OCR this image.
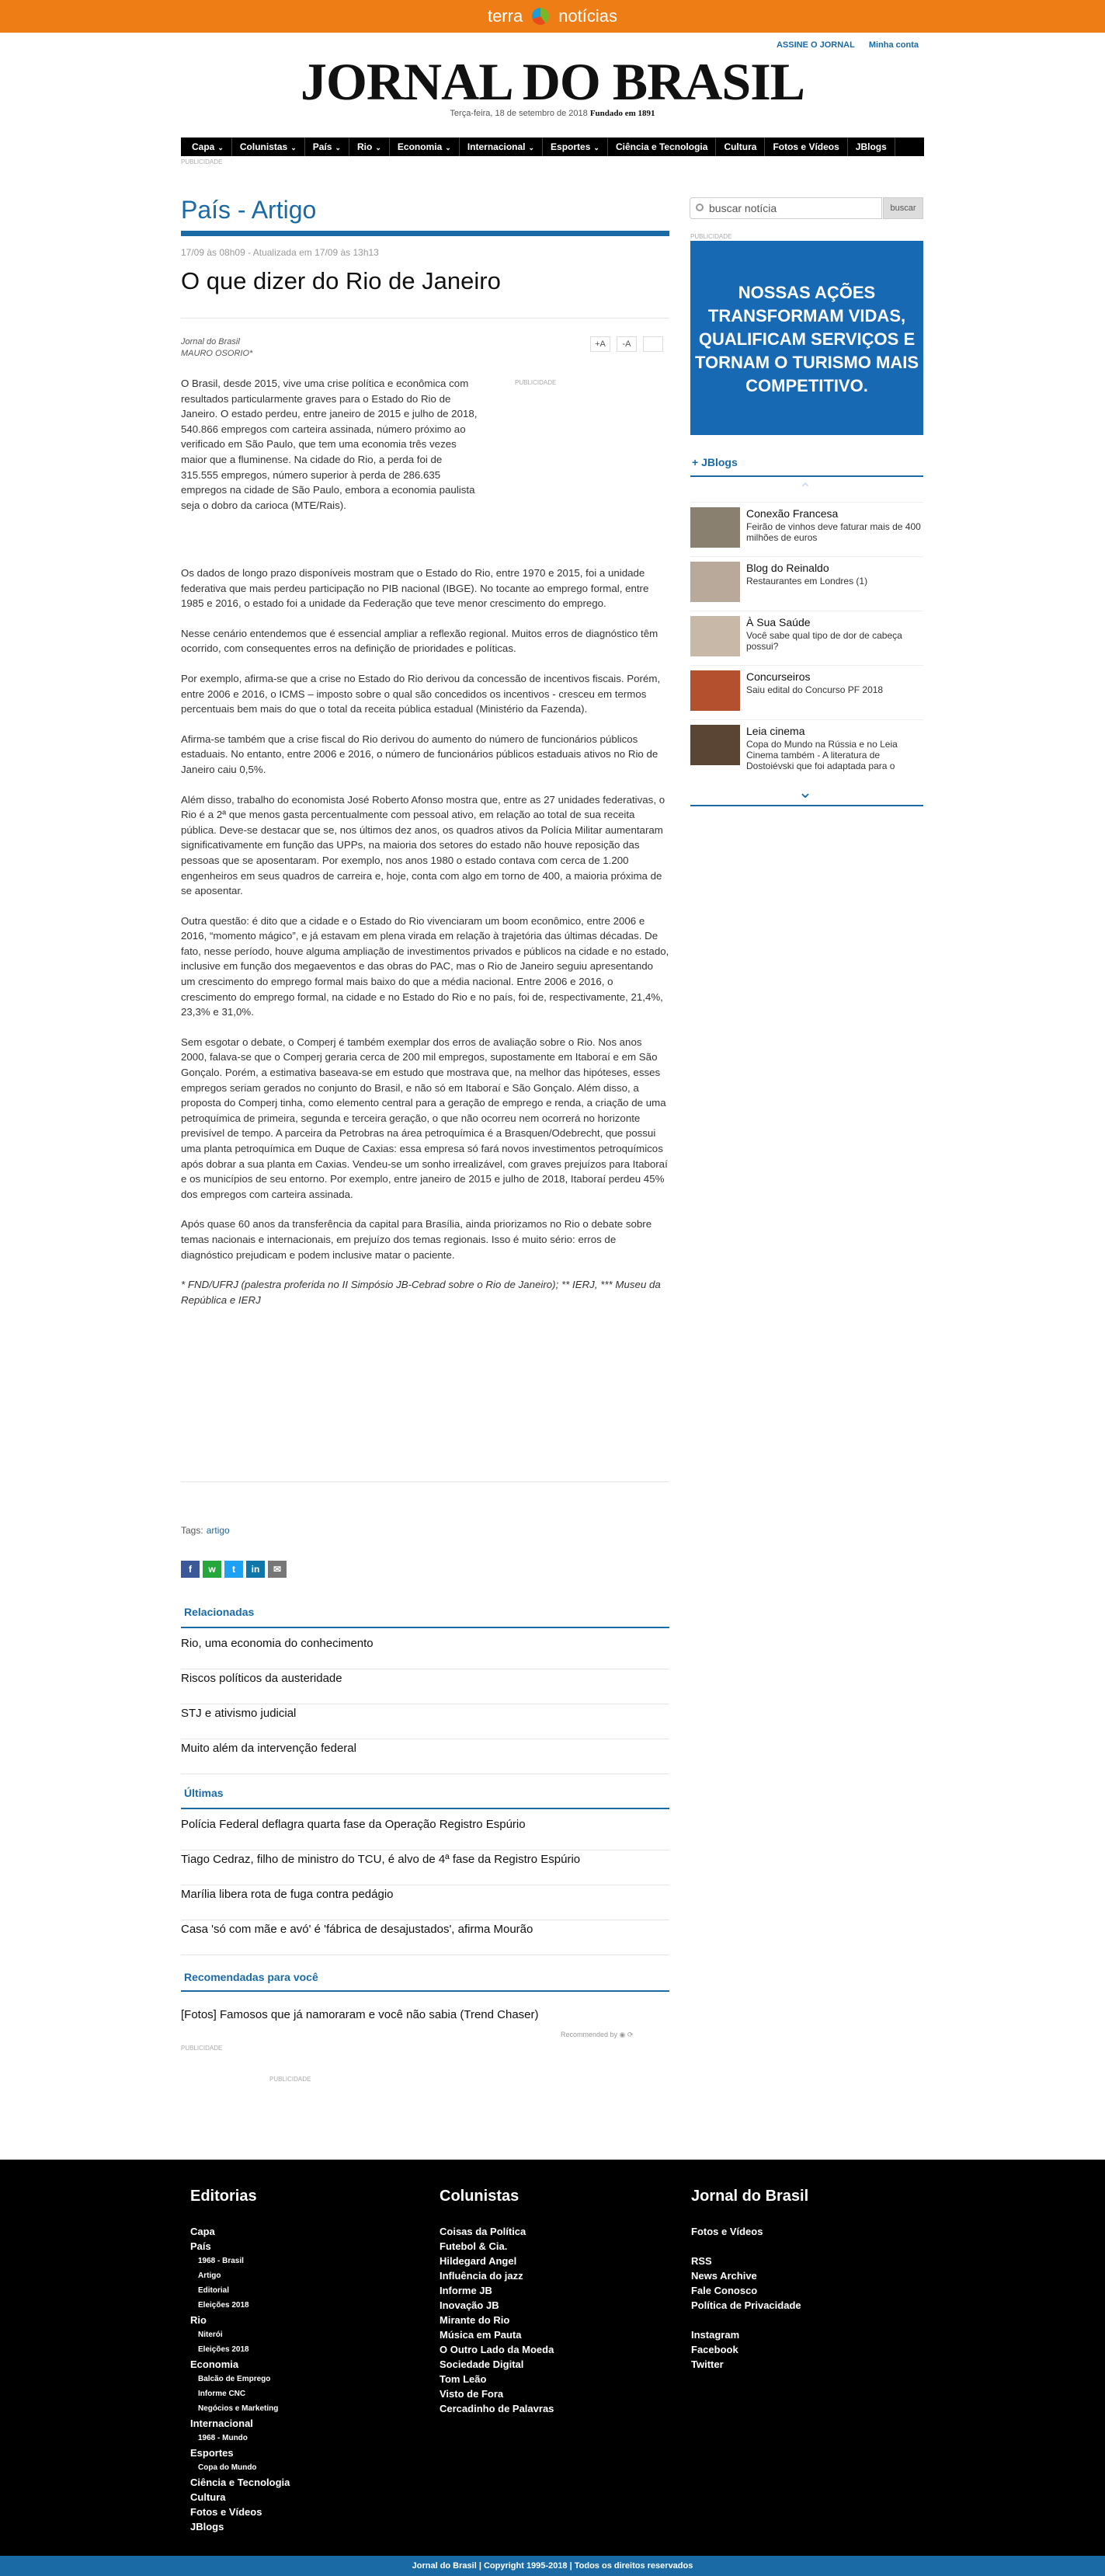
terra notícias
ASSINE O JORNAL Minha conta
JORNAL DO BRASIL
Terça-feira, 18 de setembro de 2018 Fundado em 1891
Capa ⌄	Colunistas ⌄	País ⌄	Rio ⌄	Economia ⌄	Internacional ⌄	Esportes ⌄	Ciência e Tecnologia	Cultura	Fotos e Vídeos	JBlogs
PUBLICIDADE
País - Artigo
17/09 às 08h09 - Atualizada em 17/09 às 13h13
O que dizer do Rio de Janeiro
Jornal do Brasil
MAURO OSORIO*
+A	-A
PUBLICIDADE

O Brasil, desde 2015, vive uma crise política e econômica com resultados particularmente graves para o Estado do Rio de Janeiro. O estado perdeu, entre janeiro de 2015 e julho de 2018, 540.866 empregos com carteira assinada, número próximo ao verificado em São Paulo, que tem uma economia três vezes maior que a fluminense. Na cidade do Rio, a perda foi de 315.555 empregos, número superior à perda de 286.635 empregos na cidade de São Paulo, embora a economia paulista seja o dobro da carioca (MTE/Rais).

Os dados de longo prazo disponíveis mostram que o Estado do Rio, entre 1970 e 2015, foi a unidade federativa que mais perdeu participação no PIB nacional (IBGE). No tocante ao emprego formal, entre 1985 e 2016, o estado foi a unidade da Federação que teve menor crescimento do emprego.

Nesse cenário entendemos que é essencial ampliar a reflexão regional. Muitos erros de diagnóstico têm ocorrido, com consequentes erros na definição de prioridades e políticas.

Por exemplo, afirma-se que a crise no Estado do Rio derivou da concessão de incentivos fiscais. Porém, entre 2006 e 2016, o ICMS – imposto sobre o qual são concedidos os incentivos - cresceu em termos percentuais bem mais do que o total da receita pública estadual (Ministério da Fazenda).

Afirma-se também que a crise fiscal do Rio derivou do aumento do número de funcionários públicos estaduais. No entanto, entre 2006 e 2016, o número de funcionários públicos estaduais ativos no Rio de Janeiro caiu 0,5%.

Além disso, trabalho do economista José Roberto Afonso mostra que, entre as 27 unidades federativas, o Rio é a 2ª que menos gasta percentualmente com pessoal ativo, em relação ao total de sua receita pública. Deve-se destacar que se, nos últimos dez anos, os quadros ativos da Polícia Militar aumentaram significativamente em função das UPPs, na maioria dos setores do estado não houve reposição das pessoas que se aposentaram. Por exemplo, nos anos 1980 o estado contava com cerca de 1.200 engenheiros em seus quadros de carreira e, hoje, conta com algo em torno de 400, a maioria próxima de se aposentar.

Outra questão: é dito que a cidade e o Estado do Rio vivenciaram um boom econômico, entre 2006 e 2016, “momento mágico”, e já estavam em plena virada em relação à trajetória das últimas décadas. De fato, nesse período, houve alguma ampliação de investimentos privados e públicos na cidade e no estado, inclusive em função dos megaeventos e das obras do PAC, mas o Rio de Janeiro seguiu apresentando um crescimento do emprego formal mais baixo do que a média nacional. Entre 2006 e 2016, o crescimento do emprego formal, na cidade e no Estado do Rio e no país, foi de, respectivamente, 21,4%, 23,3% e 31,0%.

Sem esgotar o debate, o Comperj é também exemplar dos erros de avaliação sobre o Rio. Nos anos 2000, falava-se que o Comperj geraria cerca de 200 mil empregos, supostamente em Itaboraí e em São Gonçalo. Porém, a estimativa baseava-se em estudo que mostrava que, na melhor das hipóteses, esses empregos seriam gerados no conjunto do Brasil, e não só em Itaboraí e São Gonçalo. Além disso, a proposta do Comperj tinha, como elemento central para a geração de emprego e renda, a criação de uma petroquímica de primeira, segunda e terceira geração, o que não ocorreu nem ocorrerá no horizonte previsível de tempo. A parceira da Petrobras na área petroquímica é a Brasquen/Odebrecht, que possui uma planta petroquímica em Duque de Caxias: essa empresa só fará novos investimentos petroquímicos após dobrar a sua planta em Caxias. Vendeu-se um sonho irrealizável, com graves prejuízos para Itaboraí e os municípios de seu entorno. Por exemplo, entre janeiro de 2015 e julho de 2018, Itaboraí perdeu 45% dos empregos com carteira assinada.

Após quase 60 anos da transferência da capital para Brasília, ainda priorizamos no Rio o debate sobre temas nacionais e internacionais, em prejuízo dos temas regionais. Isso é muito sério: erros de diagnóstico prejudicam e podem inclusive matar o paciente.

* FND/UFRJ (palestra proferida no II Simpósio JB-Cebrad sobre o Rio de Janeiro); ** IERJ, *** Museu da República e IERJ

Tags: artigo
f	w	t	in	✉
Relacionadas
Rio, uma economia do conhecimento
Riscos políticos da austeridade
STJ e ativismo judicial
Muito além da intervenção federal
Últimas
Polícia Federal deflagra quarta fase da Operação Registro Espúrio
Tiago Cedraz, filho de ministro do TCU, é alvo de 4ª fase da Registro Espúrio
Marília libera rota de fuga contra pedágio
Casa 'só com mãe e avó' é 'fábrica de desajustados', afirma Mourão
Recomendadas para você
[Fotos] Famosos que já namoraram e você não sabia (Trend Chaser)
Recommended by ◉ ⟳
PUBLICIDADE
PUBLICIDADE
buscar notícia	buscar
PUBLICIDADE
NOSSAS AÇÕES TRANSFORMAM VIDAS, QUALIFICAM SERVIÇOS E TORNAM O TURISMO MAIS COMPETITIVO.
+ JBlogs
⌃
Conexão Francesa
Feirão de vinhos deve faturar mais de 400 milhões de euros
Blog do Reinaldo
Restaurantes em Londres (1)
À Sua Saúde
Você sabe qual tipo de dor de cabeça possui?
Concurseiros
Saiu edital do Concurso PF 2018
Leia cinema
Copa do Mundo na Rússia e no Leia Cinema também - A literatura de Dostoiévski que foi adaptada para o
⌄
Editorias
Capa
País
1968 - Brasil
Artigo
Editorial
Eleições 2018
Rio
Niterói
Eleições 2018
Economia
Balcão de Emprego
Informe CNC
Negócios e Marketing
Internacional
1968 - Mundo
Esportes
Copa do Mundo
Ciência e Tecnologia
Cultura
Fotos e Vídeos
JBlogs
Colunistas
Coisas da Política
Futebol & Cia.
Hildegard Angel
Influência do jazz
Informe JB
Inovação JB
Mirante do Rio
Música em Pauta
O Outro Lado da Moeda
Sociedade Digital
Tom Leão
Visto de Fora
Cercadinho de Palavras
Jornal do Brasil
Fotos e Vídeos
RSS
News Archive
Fale Conosco
Política de Privacidade
Instagram
Facebook
Twitter
Jornal do Brasil | Copyright 1995-2018 | Todos os direitos reservados
